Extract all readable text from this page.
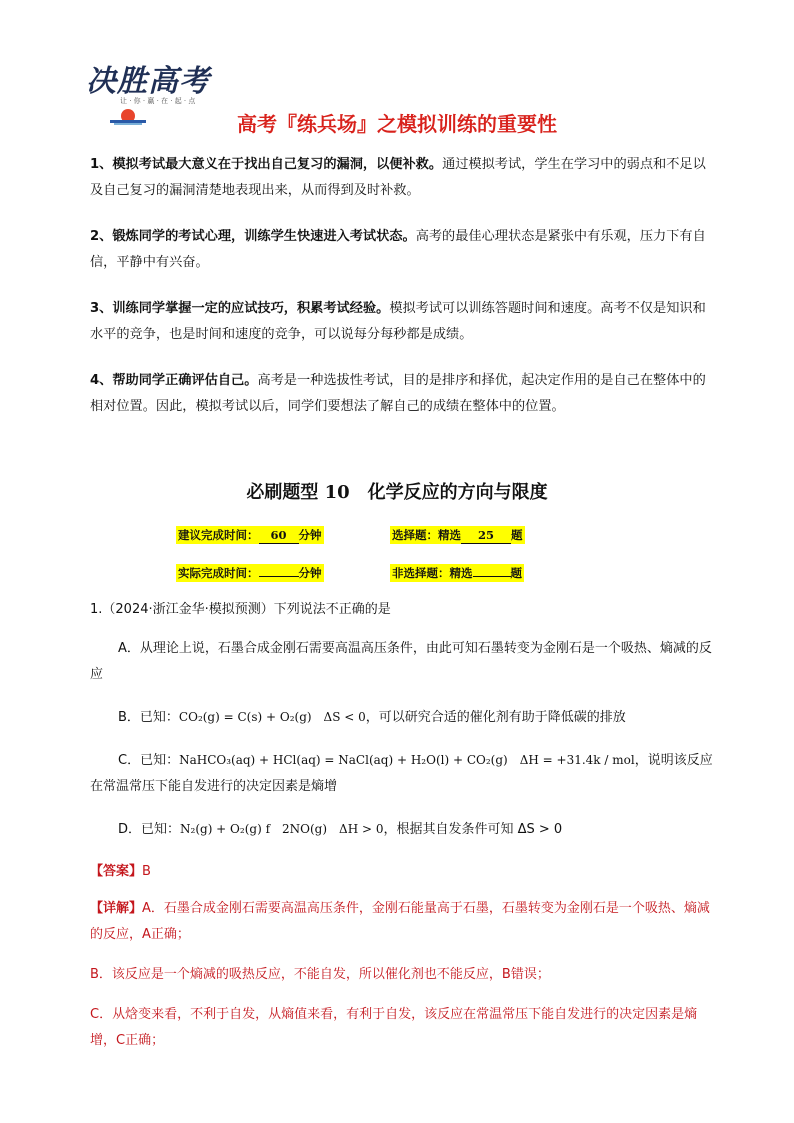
决胜高考
让 · 你 · 赢 · 在 · 起 · 点
高考『练兵场』之模拟训练的重要性

1、模拟考试最大意义在于找出自己复习的漏洞，以便补救。通过模拟考试，学生在学习中的弱点和不足以及自己复习的漏洞清楚地表现出来，从而得到及时补救。

2、锻炼同学的考试心理，训练学生快速进入考试状态。高考的最佳心理状态是紧张中有乐观，压力下有自信，平静中有兴奋。

3、训练同学掌握一定的应试技巧，积累考试经验。模拟考试可以训练答题时间和速度。高考不仅是知识和水平的竞争，也是时间和速度的竞争，可以说每分每秒都是成绩。

4、帮助同学正确评估自己。高考是一种选拔性考试，目的是排序和择优，起决定作用的是自己在整体中的相对位置。因此，模拟考试以后，同学们要想法了解自己的成绩在整体中的位置。

必刷题型 10　化学反应的方向与限度
建议完成时间： 60 分钟	选择题：精选 25 题
实际完成时间：	分钟	非选择题：精选	题
1.（2024·浙江金华·模拟预测）下列说法不正确的是
A．从理论上说，石墨合成金刚石需要高温高压条件，由此可知石墨转变为金刚石是一个吸热、熵减的反应
B．已知：CO₂(g) = C(s) + O₂(g)　ΔS < 0，可以研究合适的催化剂有助于降低碳的排放
C．已知：NaHCO₃(aq) + HCl(aq) = NaCl(aq) + H₂O(l) + CO₂(g)　ΔH = +31.4k / mol，说明该反应在常温常压下能自发进行的决定因素是熵增
D．已知：N₂(g) + O₂(g) f　2NO(g)　ΔH > 0，根据其自发条件可知 ΔS > 0
【答案】B
【详解】A．石墨合成金刚石需要高温高压条件，金刚石能量高于石墨，石墨转变为金刚石是一个吸热、熵减的反应，A正确；
B．该反应是一个熵减的吸热反应，不能自发，所以催化剂也不能反应，B错误；
C．从焓变来看，不利于自发，从熵值来看，有利于自发，该反应在常温常压下能自发进行的决定因素是熵增，C正确；
